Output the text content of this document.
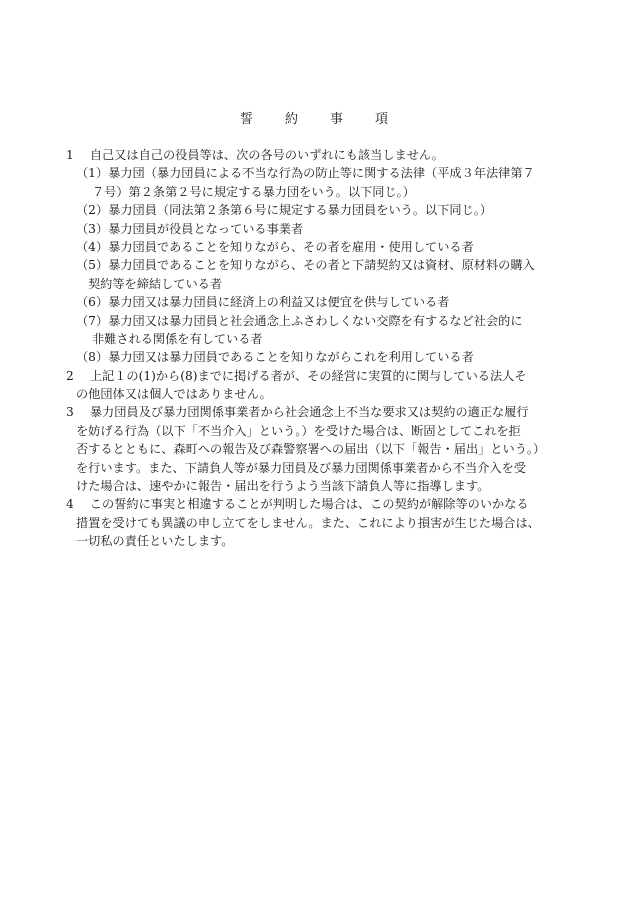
誓　　約　　事　　項
1　 自己又は自己の役員等は、次の各号のいずれにも該当しません。
（1）暴力団（暴力団員による不当な行為の防止等に関する法律（平成３年法律第７
７号）第２条第２号に規定する暴力団をいう。以下同じ。）
（2）暴力団員（同法第２条第６号に規定する暴力団員をいう。以下同じ。）
（3）暴力団員が役員となっている事業者
（4）暴力団員であることを知りながら、その者を雇用・使用している者
（5）暴力団員であることを知りながら、その者と下請契約又は資材、原材料の購入
契約等を締結している者
（6）暴力団又は暴力団員に経済上の利益又は便宜を供与している者
（7）暴力団又は暴力団員と社会通念上ふさわしくない交際を有するなど社会的に
非難される関係を有している者
（8）暴力団又は暴力団員であることを知りながらこれを利用している者
2　 上記１の(1)から(8)までに掲げる者が、その経営に実質的に関与している法人そ
の他団体又は個人ではありません。
3　 暴力団員及び暴力団関係事業者から社会通念上不当な要求又は契約の適正な履行
を妨げる行為（以下「不当介入」という。）を受けた場合は、断固としてこれを拒
否するとともに、森町への報告及び森警察署への届出（以下「報告・届出」という。）
を行います。また、下請負人等が暴力団員及び暴力団関係事業者から不当介入を受
けた場合は、速やかに報告・届出を行うよう当該下請負人等に指導します。
4　 この誓約に事実と相違することが判明した場合は、この契約が解除等のいかなる
措置を受けても異議の申し立てをしません。また、これにより損害が生じた場合は、
一切私の責任といたします。
